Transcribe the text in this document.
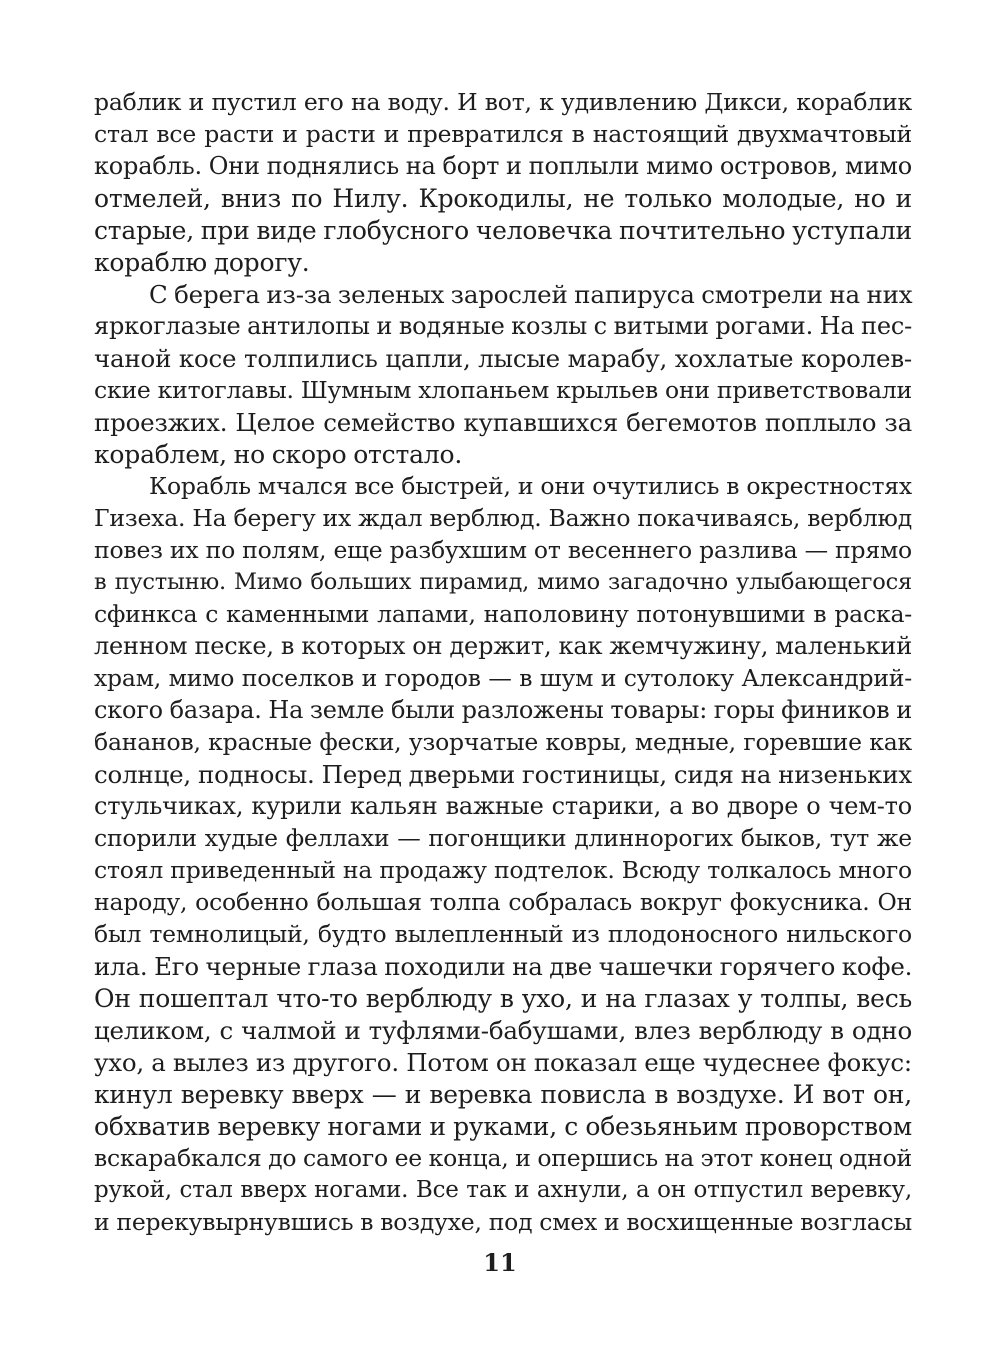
раблик и пустил его на воду. И вот, к удивлению Дикси, кораблик
стал все расти и расти и превратился в настоящий двухмачтовый
корабль. Они поднялись на борт и поплыли мимо островов, мимо
отмелей, вниз по Нилу. Крокодилы, не только молодые, но и
старые, при виде глобусного человечка почтительно уступали
кораблю дорогу.
С берега из-за зеленых зарослей папируса смотрели на них
яркоглазые антилопы и водяные козлы с витыми рогами. На пес-
чаной косе толпились цапли, лысые марабу, хохлатые королев-
ские китоглавы. Шумным хлопаньем крыльев они приветствовали
проезжих. Целое семейство купавшихся бегемотов поплыло за
кораблем, но скоро отстало.
Корабль мчался все быстрей, и они очутились в окрестностях
Гизеха. На берегу их ждал верблюд. Важно покачиваясь, верблюд
повез их по полям, еще разбухшим от весеннего разлива — прямо
в пустыню. Мимо больших пирамид, мимо загадочно улыбающегося
сфинкса с каменными лапами, наполовину потонувшими в раска-
ленном песке, в которых он держит, как жемчужину, маленький
храм, мимо поселков и городов — в шум и сутолоку Александрий-
ского базара. На земле были разложены товары: горы фиников и
бананов, красные фески, узорчатые ковры, медные, горевшие как
солнце, подносы. Перед дверьми гостиницы, сидя на низеньких
стульчиках, курили кальян важные старики, а во дворе о чем-то
спорили худые феллахи — погонщики длиннорогих быков, тут же
стоял приведенный на продажу подтелок. Всюду толкалось много
народу, особенно большая толпа собралась вокруг фокусника. Он
был темнолицый, будто вылепленный из плодоносного нильского
ила. Его черные глаза походили на две чашечки горячего кофе.
Он пошептал что-то верблюду в ухо, и на глазах у толпы, весь
целиком, с чалмой и туфлями-бабушами, влез верблюду в одно
ухо, а вылез из другого. Потом он показал еще чудеснее фокус:
кинул веревку вверх — и веревка повисла в воздухе. И вот он,
обхватив веревку ногами и руками, с обезьяньим проворством
вскарабкался до самого ее конца, и опершись на этот конец одной
рукой, стал вверх ногами. Все так и ахнули, а он отпустил веревку,
и перекувырнувшись в воздухе, под смех и восхищенные возгласы
11
